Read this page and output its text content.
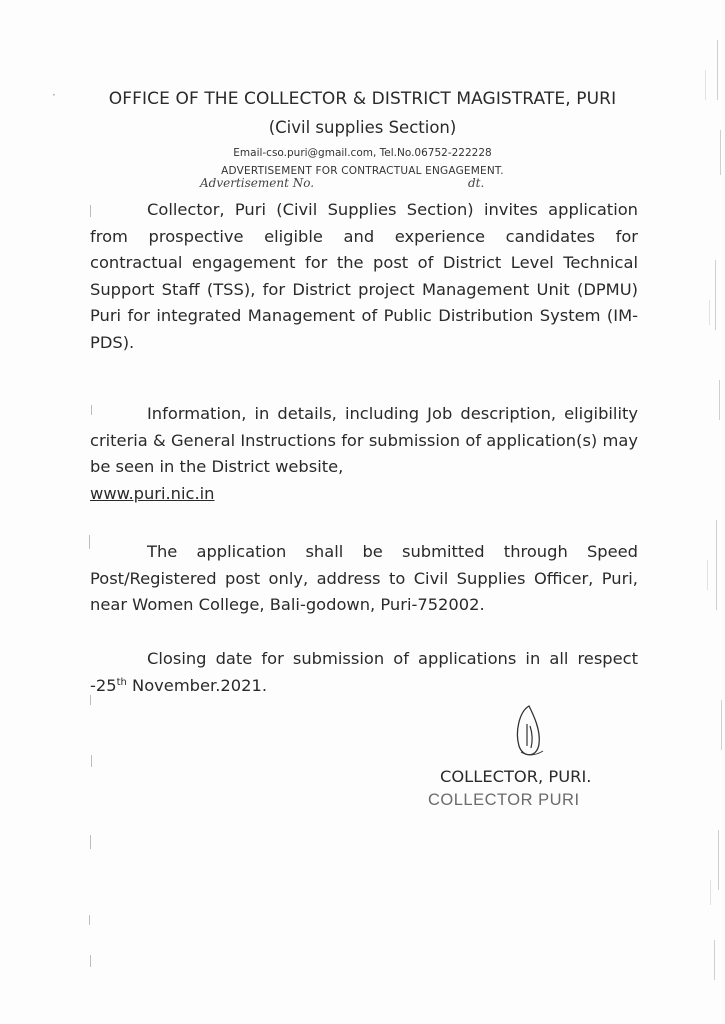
·	OFFICE OF THE COLLECTOR & DISTRICT MAGISTRATE, PURI
(Civil supplies Section)
Email-cso.puri@gmail.com, Tel.No.06752-222228
ADVERTISEMENT FOR CONTRACTUAL ENGAGEMENT.
Advertisement No.	dt.

Collector, Puri (Civil Supplies Section) invites application from prospective eligible and experience candidates for contractual engagement for the post of District Level Technical Support Staff (TSS), for District project Management Unit (DPMU) Puri for integrated Management of Public Distribution System (IM-PDS).

Information, in details, including Job description, eligibility criteria & General Instructions for submission of application(s) may be seen in the District website,
www.puri.nic.in

The application shall be submitted through Speed Post/Registered post only, address to Civil Supplies Officer, Puri, near Women College, Bali-godown, Puri-752002.

Closing date for submission of applications in all respect -25th November.2021.

COLLECTOR, PURI.
COLLECTOR PURI
